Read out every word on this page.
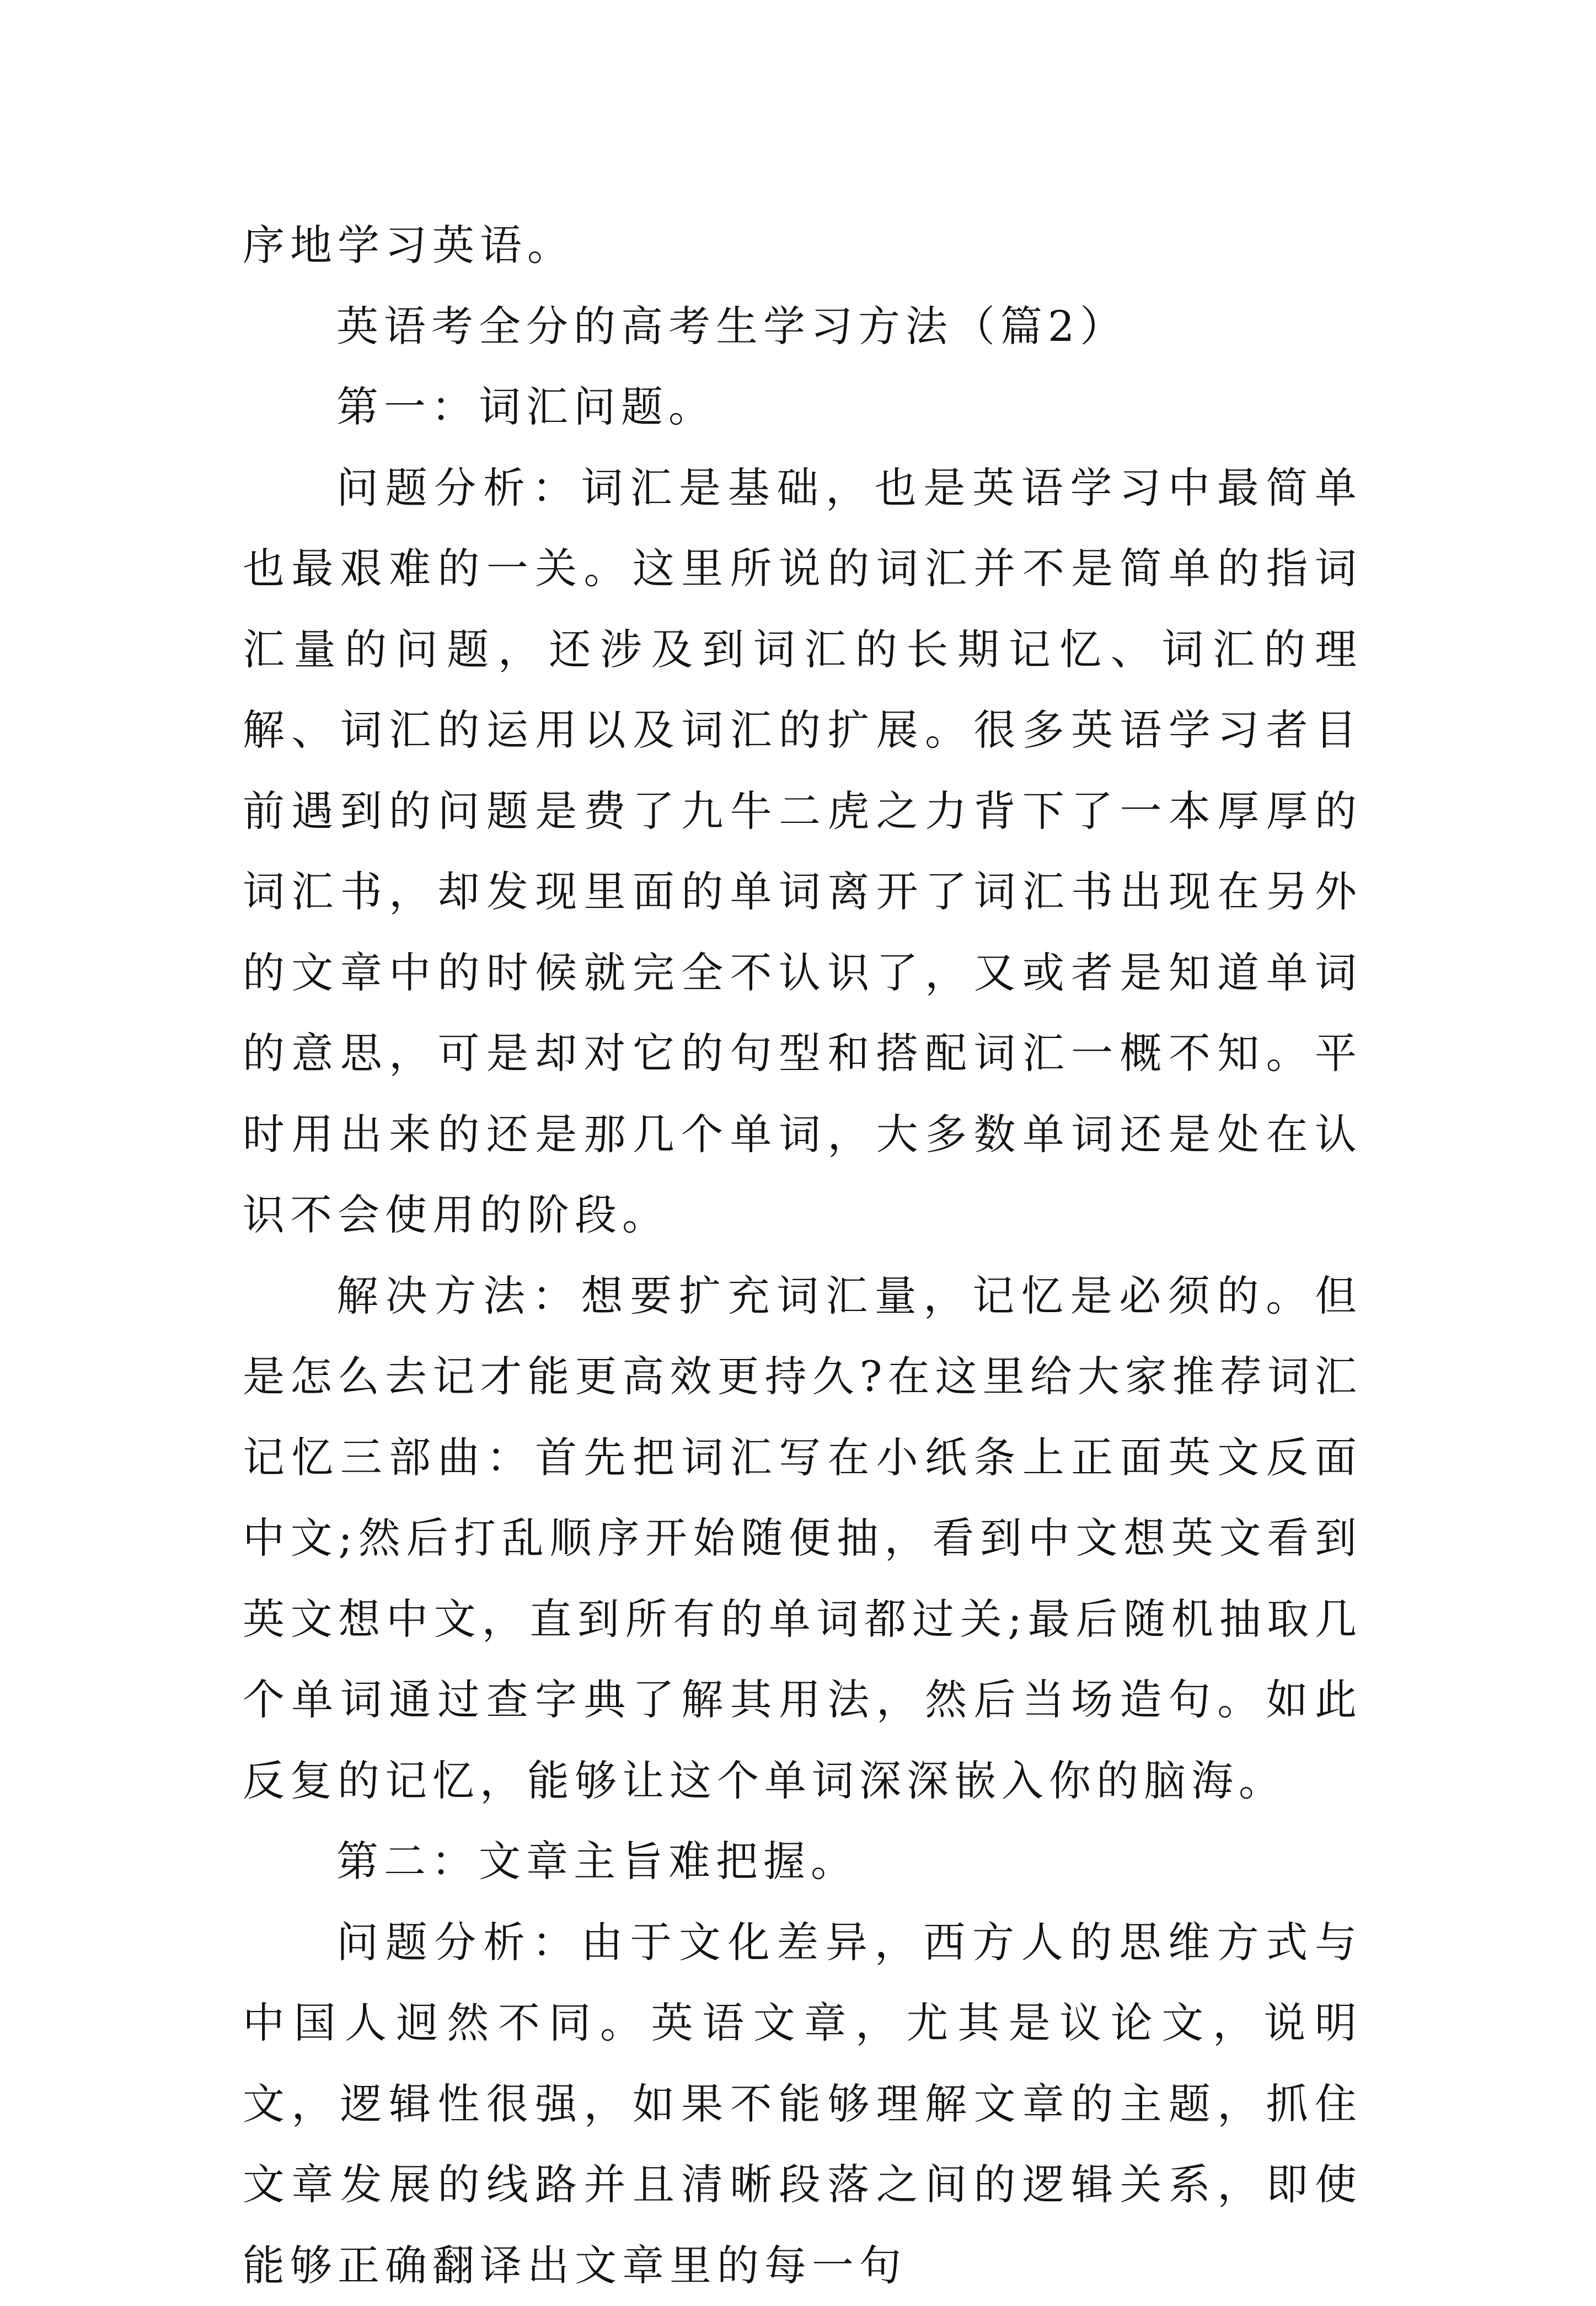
序地学习英语。

英语考全分的高考生学习方法（篇2）

第一：词汇问题。

问题分析：词汇是基础，也是英语学习中最简单也最艰难的一关。这里所说的词汇并不是简单的指词汇量的问题，还涉及到词汇的长期记忆、词汇的理解、词汇的运用以及词汇的扩展。很多英语学习者目前遇到的问题是费了九牛二虎之力背下了一本厚厚的词汇书，却发现里面的单词离开了词汇书出现在另外的文章中的时候就完全不认识了，又或者是知道单词的意思，可是却对它的句型和搭配词汇一概不知。平时用出来的还是那几个单词，大多数单词还是处在认识不会使用的阶段。

解决方法：想要扩充词汇量，记忆是必须的。但是怎么去记才能更高效更持久?在这里给大家推荐词汇记忆三部曲：首先把词汇写在小纸条上正面英文反面中文;然后打乱顺序开始随便抽，看到中文想英文看到英文想中文，直到所有的单词都过关;最后随机抽取几个单词通过查字典了解其用法，然后当场造句。如此反复的记忆，能够让这个单词深深嵌入你的脑海。

第二：文章主旨难把握。

问题分析：由于文化差异，西方人的思维方式与中国人迥然不同。英语文章，尤其是议论文，说明文，逻辑性很强，如果不能够理解文章的主题，抓住文章发展的线路并且清晰段落之间的逻辑关系，即使能够正确翻译出文章里的每一句
